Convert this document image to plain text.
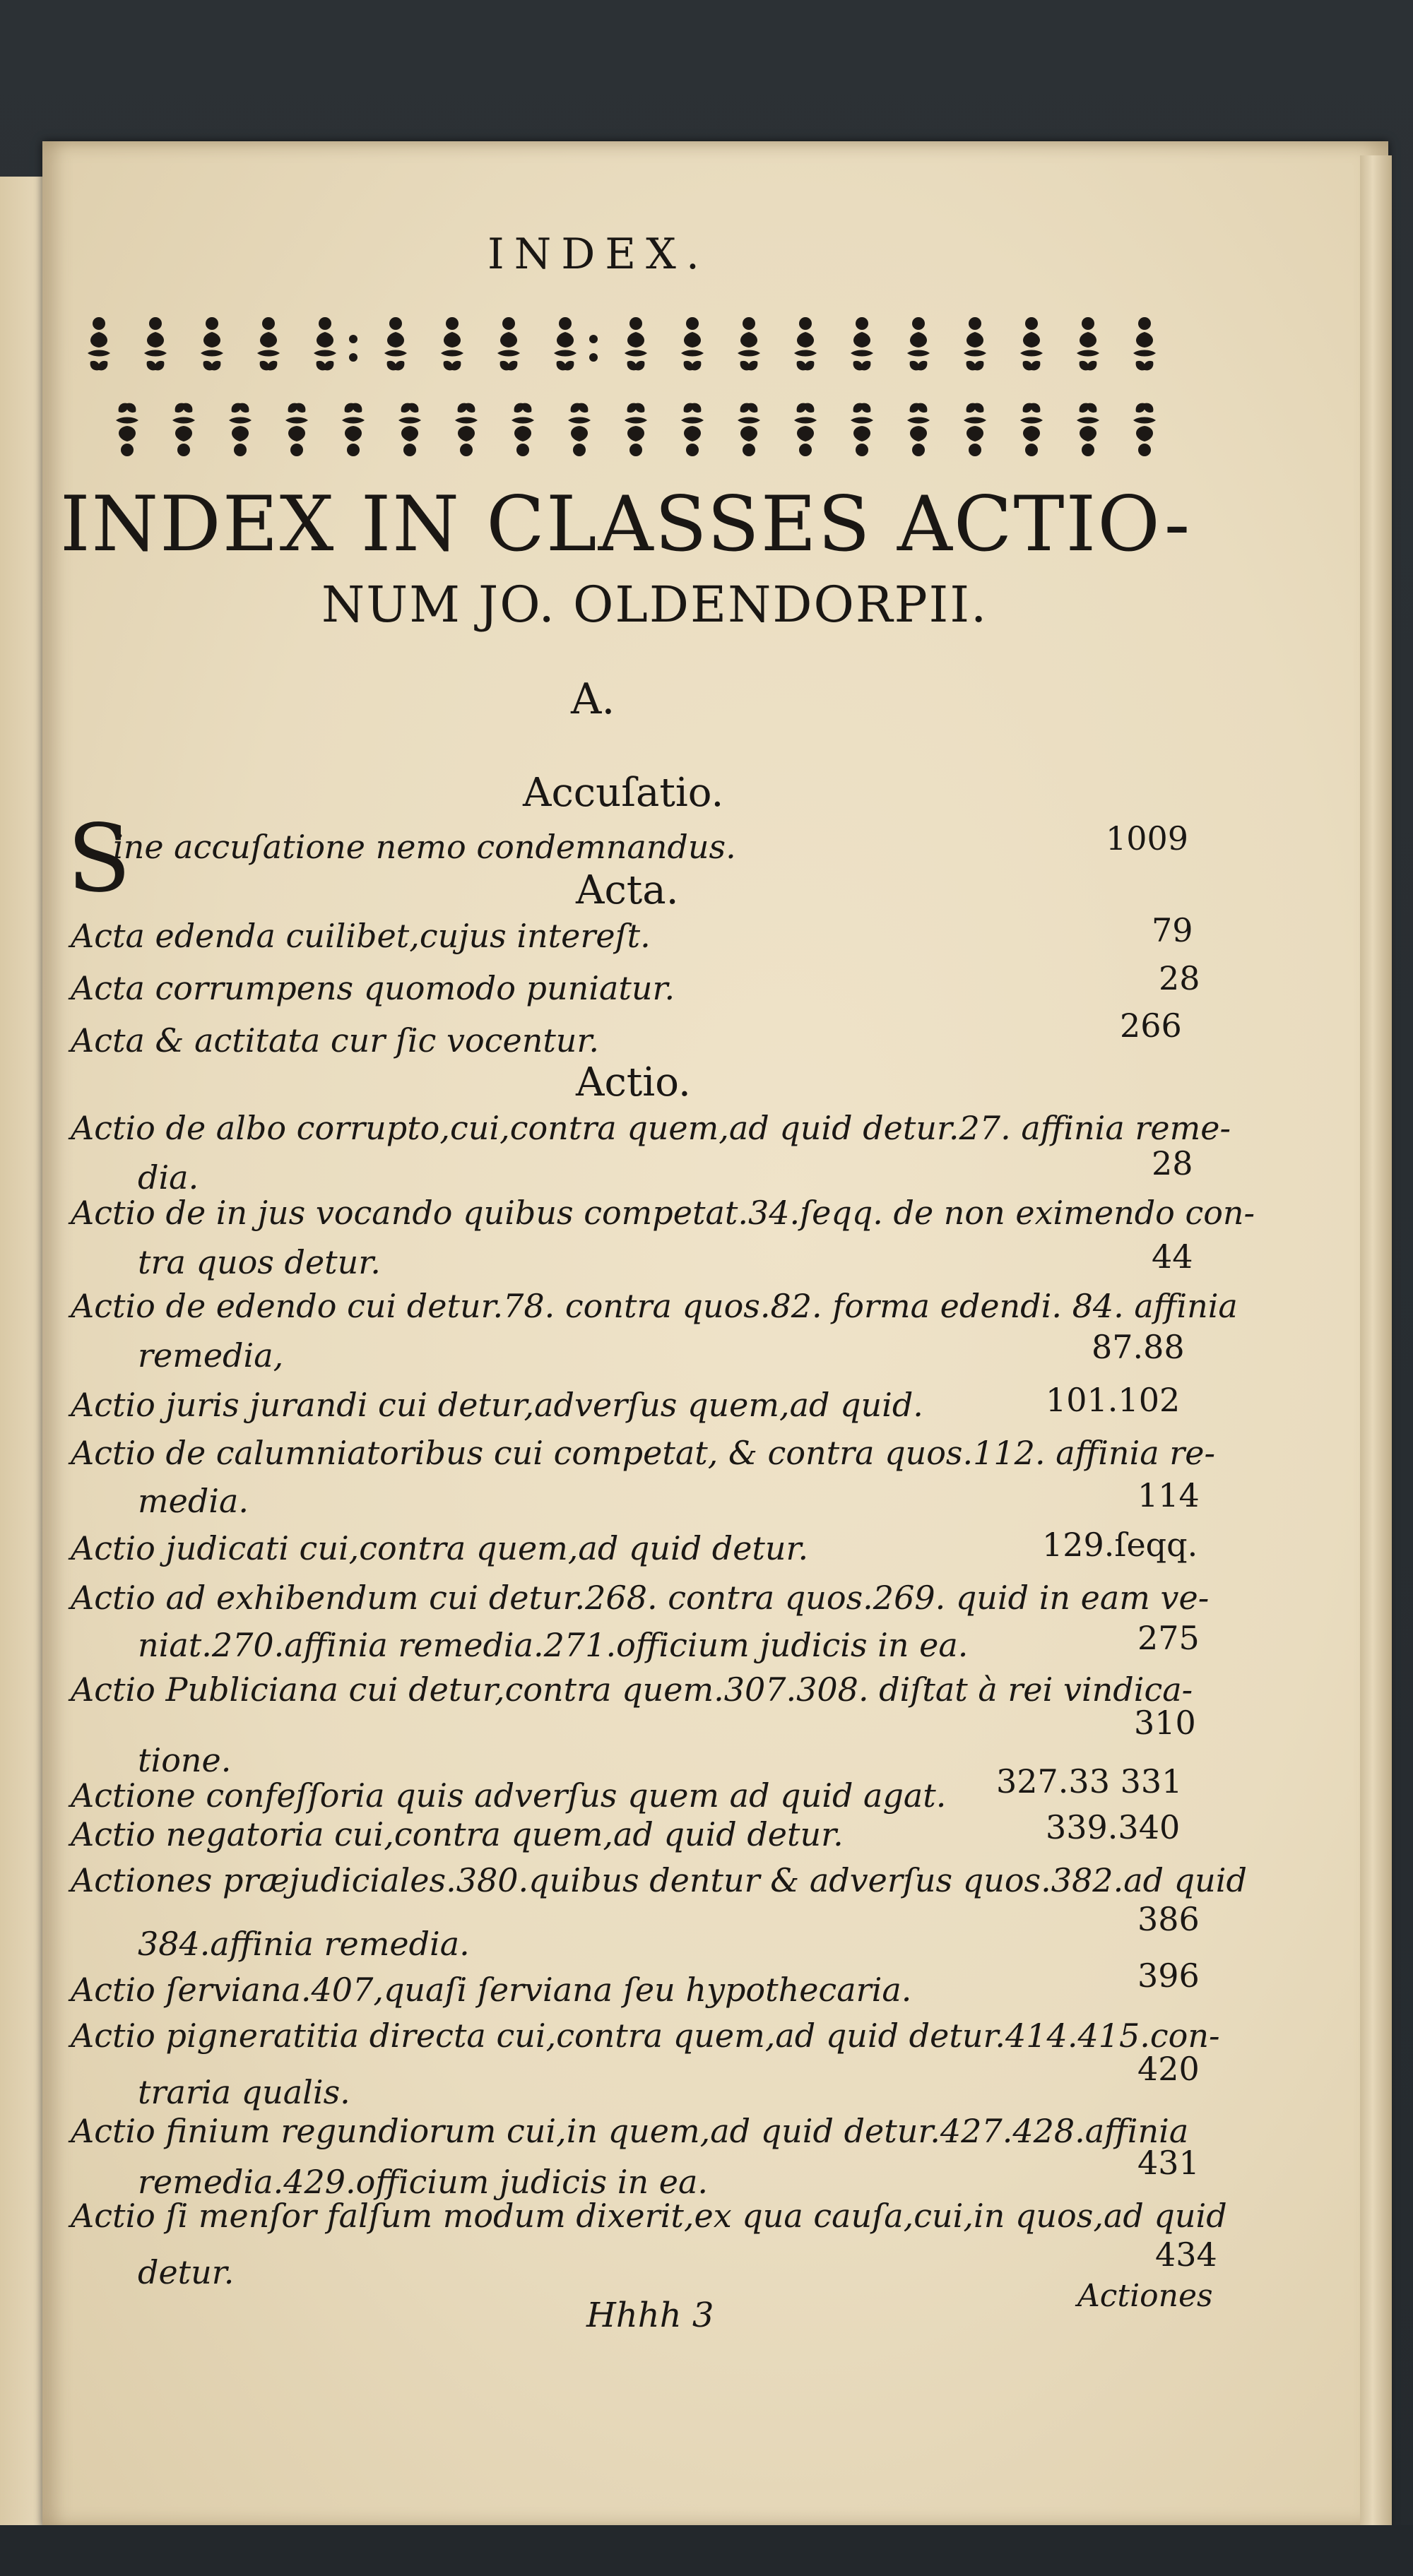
INDEX.
INDEX IN CLASSES ACTIO-
NUM JO. OLDENDORPII.
A.
Accuſatio.
S
ine accuſatione nemo condemnandus.	1009
Acta.
Acta edenda cuilibet,cujus intereſt.	79
Acta corrumpens quomodo puniatur.	28
Acta & actitata cur ſic vocentur.	266
Actio.
Actio de albo corrupto,cui,contra quem,ad quid detur.27. affinia reme-
dia.	28
Actio de in jus vocando quibus competat.34.ſeqq. de non eximendo con-
tra quos detur.	44
Actio de edendo cui detur.78. contra quos.82. forma edendi. 84. affinia
remedia,	87.88
Actio juris jurandi cui detur,adverſus quem,ad quid.	101.102
Actio de calumniatoribus cui competat, & contra quos.112. affinia re-
media.	114
Actio judicati cui,contra quem,ad quid detur.	129.ſeqq.
Actio ad exhibendum cui detur.268. contra quos.269. quid in eam ve-
niat.270.affinia remedia.271.officium judicis in ea.	275
Actio Publiciana cui detur,contra quem.307.308. diſtat à rei vindica-
tione.
310
Actione confeſſoria quis adverſus quem ad quid agat. 327.33 331
Actio negatoria cui,contra quem,ad quid detur.	339.340
Actiones præjudiciales.380.quibus dentur & adverſus quos.382.ad quid
384.affinia remedia.
386
Actio ſerviana.407,quaſi ſerviana ſeu hypothecaria.	396
Actio pigneratitia directa cui,contra quem,ad quid detur.414.415.con-
traria qualis.
420
Actio finium regundiorum cui,in quem,ad quid detur.427.428.affinia
remedia.429.officium judicis in ea.	431
Actio ſi menſor falſum modum dixerit,ex qua cauſa,cui,in quos,ad quid
detur.	434
Hhhh 3	Actiones
